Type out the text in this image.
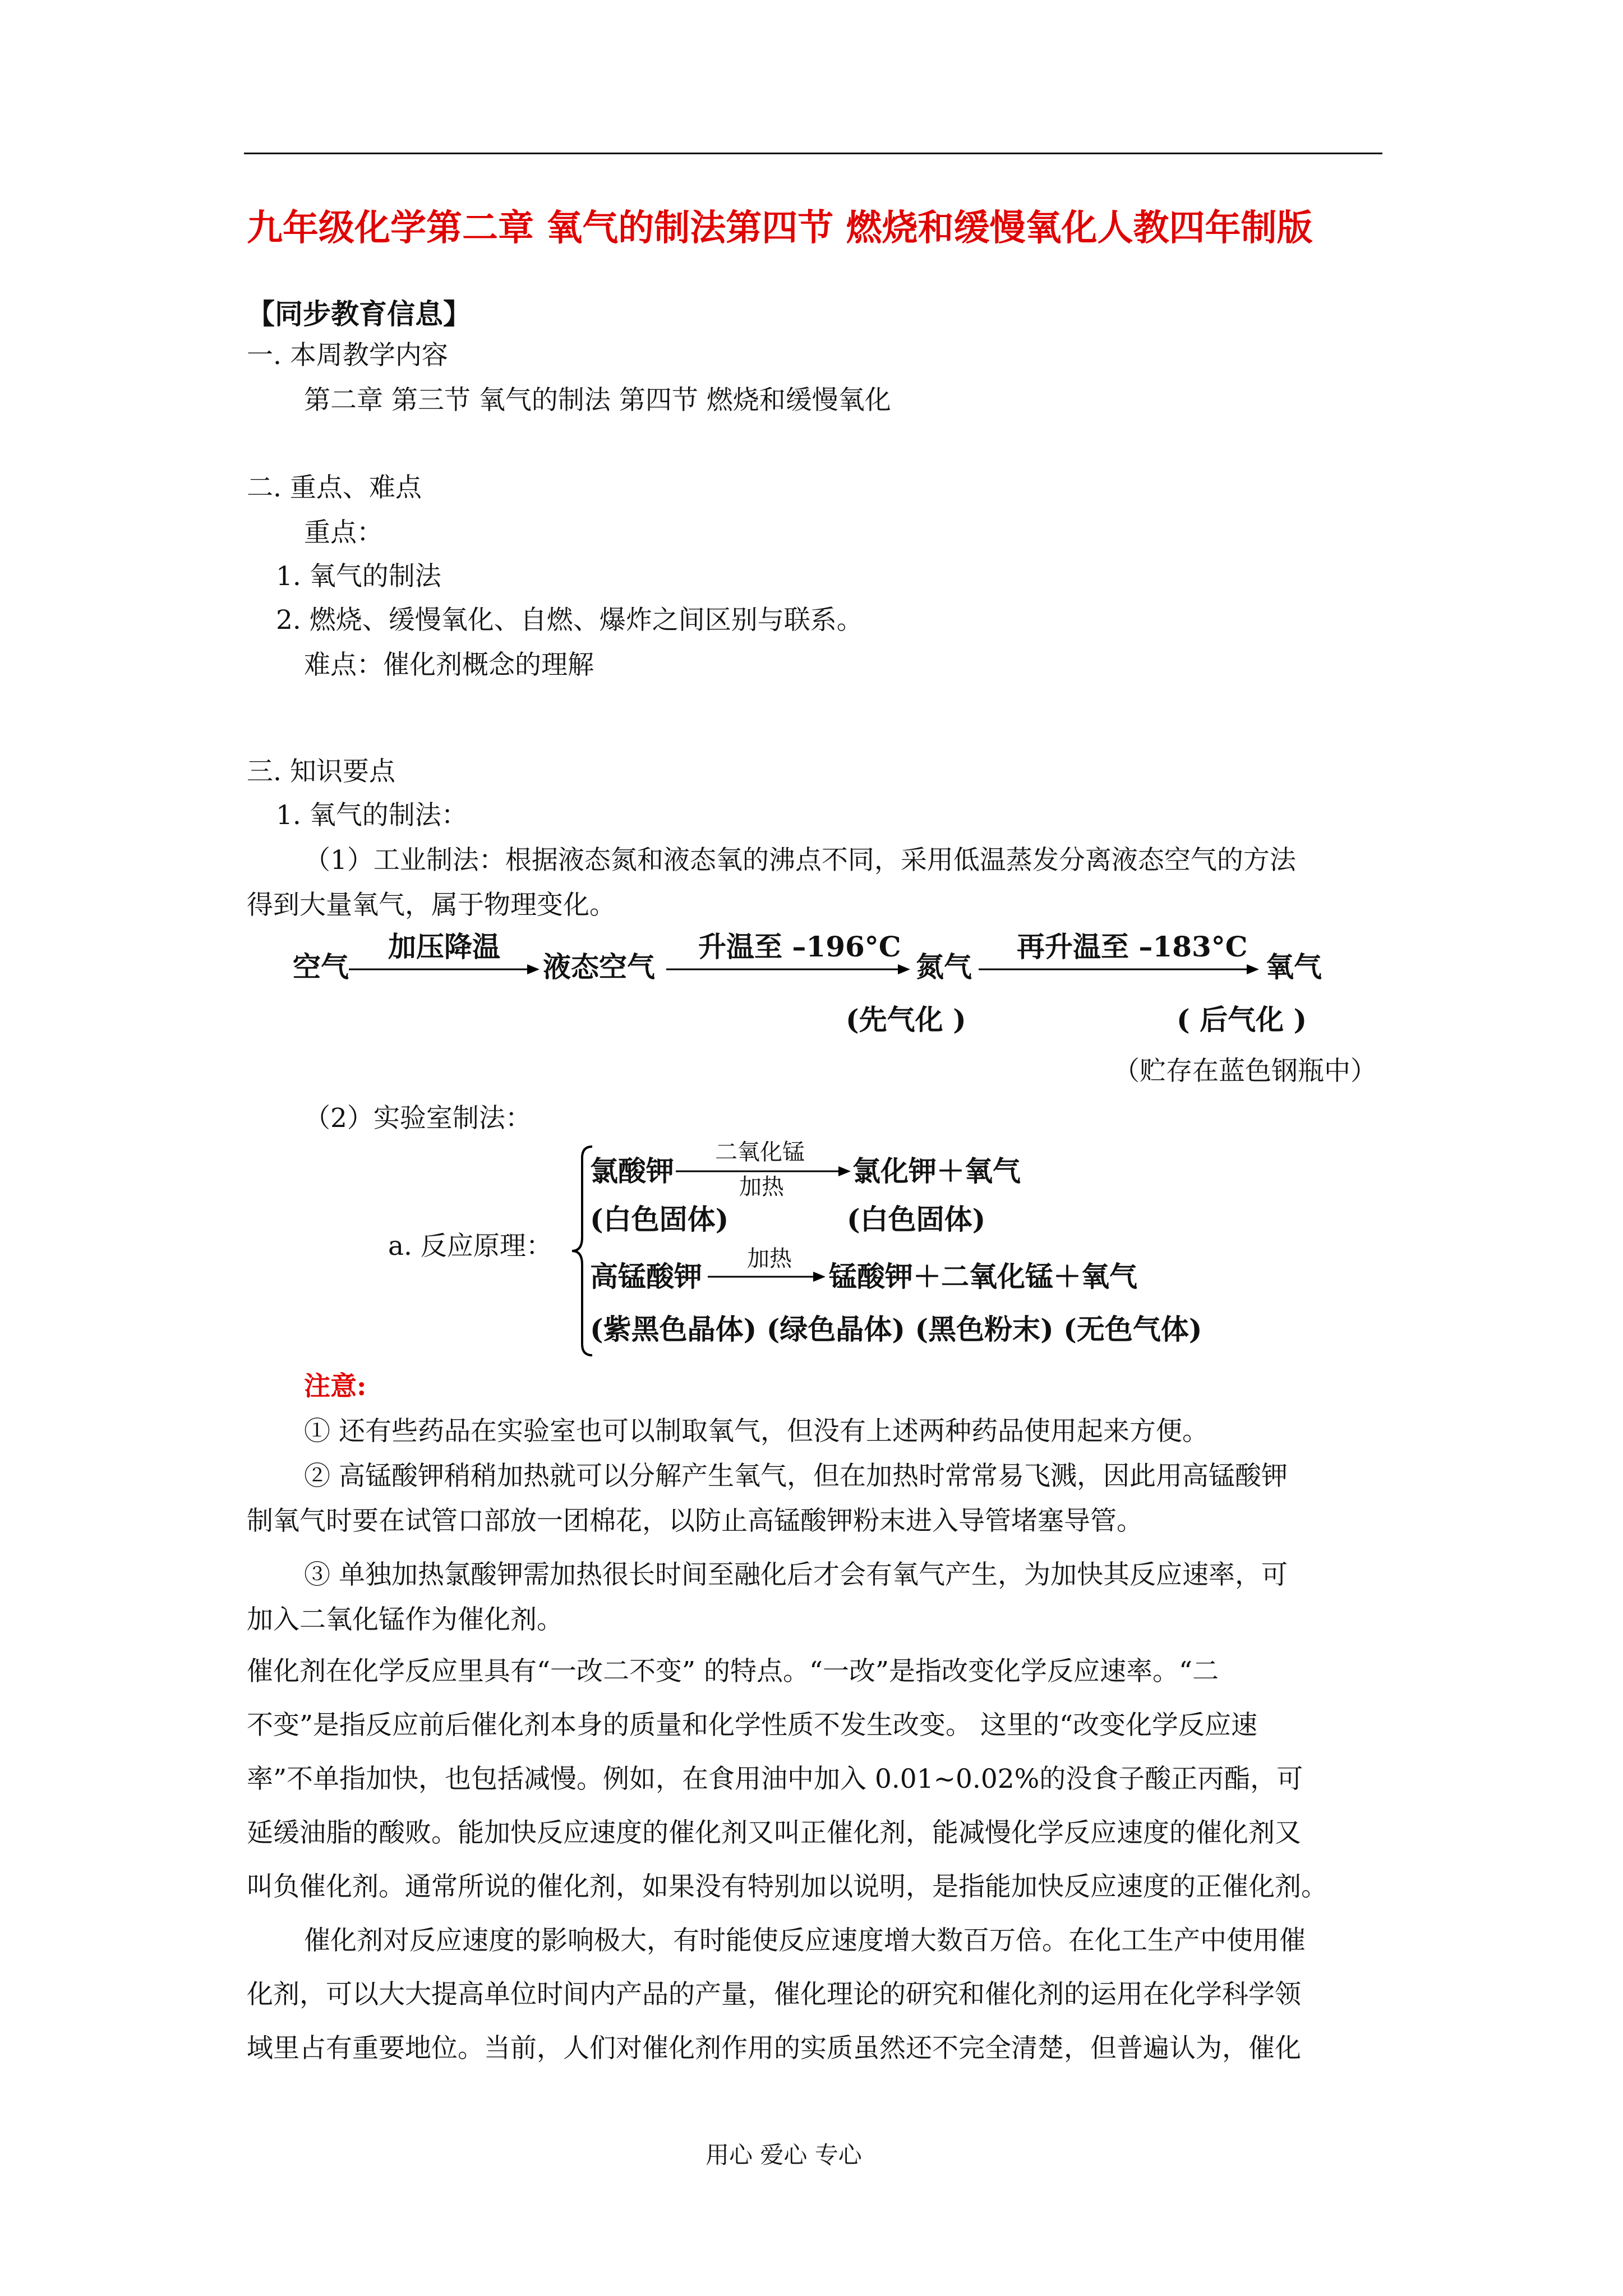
九年级化学第二章 氧气的制法第四节 燃烧和缓慢氧化人教四年制版
【同步教育信息】
一. 本周教学内容
第二章 第三节 氧气的制法 第四节 燃烧和缓慢氧化
二. 重点、难点
重点：
1. 氧气的制法
2. 燃烧、缓慢氧化、自燃、爆炸之间区别与联系。
难点：催化剂概念的理解
三. 知识要点
1. 氧气的制法：
（1）工业制法：根据液态氮和液态氧的沸点不同，采用低温蒸发分离液态空气的方法
得到大量氧气，属于物理变化。
空气
加压降温
液态空气
升温至 –196°C
氮气
再升温至 –183°C
氧气
(先气化 )	( 后气化 )
（贮存在蓝色钢瓶中）
（2）实验室制法：
a. 反应原理：
氯酸钾
二氧化锰
加热 氯化钾＋氧气
(白色固体)	(白色固体)
高锰酸钾
加热
锰酸钾＋二氧化锰＋氧气
(紫黑色晶体) (绿色晶体) (黑色粉末) (无色气体)
注意:
① 还有些药品在实验室也可以制取氧气，但没有上述两种药品使用起来方便。
② 高锰酸钾稍稍加热就可以分解产生氧气，但在加热时常常易飞溅，因此用高锰酸钾
制氧气时要在试管口部放一团棉花，以防止高锰酸钾粉末进入导管堵塞导管。
③ 单独加热氯酸钾需加热很长时间至融化后才会有氧气产生，为加快其反应速率，可
加入二氧化锰作为催化剂。
催化剂在化学反应里具有“一改二不变” 的特点。“一改”是指改变化学反应速率。“二
不变”是指反应前后催化剂本身的质量和化学性质不发生改变。 这里的“改变化学反应速
率”不单指加快，也包括减慢。例如，在食用油中加入 0.01~0.02%的没食子酸正丙酯，可
延缓油脂的酸败。能加快反应速度的催化剂又叫正催化剂，能减慢化学反应速度的催化剂又
叫负催化剂。通常所说的催化剂，如果没有特别加以说明，是指能加快反应速度的正催化剂。
催化剂对反应速度的影响极大，有时能使反应速度增大数百万倍。在化工生产中使用催
化剂，可以大大提高单位时间内产品的产量，催化理论的研究和催化剂的运用在化学科学领
域里占有重要地位。当前，人们对催化剂作用的实质虽然还不完全清楚，但普遍认为，催化
用心 爱心 专心
